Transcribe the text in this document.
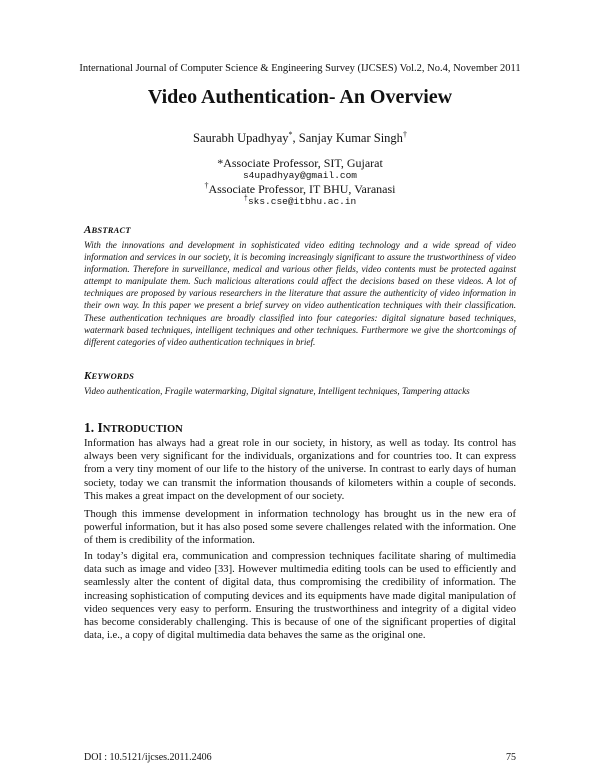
International Journal of Computer Science & Engineering Survey (IJCSES) Vol.2, No.4, November 2011
Video Authentication- An Overview
Saurabh Upadhyay*, Sanjay Kumar Singh†
*Associate Professor, SIT, Gujarat
s4upadhyay@gmail.com
†Associate Professor, IT BHU, Varanasi
†sks.cse@itbhu.ac.in
ABSTRACT

With the innovations and development in sophisticated video editing technology and a wide spread of video information and services in our society, it is becoming increasingly significant to assure the trustworthiness of video information. Therefore in surveillance, medical and various other fields, video contents must be protected against attempt to manipulate them. Such malicious alterations could affect the decisions based on these videos. A lot of techniques are proposed by various researchers in the literature that assure the authenticity of video information in their own way. In this paper we present a brief survey on video authentication techniques with their classification. These authentication techniques are broadly classified into four categories: digital signature based techniques, watermark based techniques, intelligent techniques and other techniques. Furthermore we give the shortcomings of different categories of video authentication techniques in brief.

KEYWORDS

Video authentication, Fragile watermarking, Digital signature, Intelligent techniques, Tampering attacks

1. INTRODUCTION

Information has always had a great role in our society, in history, as well as today. Its control has always been very significant for the individuals, organizations and for countries too. It can express from a very tiny moment of our life to the history of the universe. In contrast to early days of human society, today we can transmit the information thousands of kilometers within a couple of seconds. This makes a great impact on the development of our society.

Though this immense development in information technology has brought us in the new era of powerful information, but it has also posed some severe challenges related with the information. One of them is credibility of the information.

In today’s digital era, communication and compression techniques facilitate sharing of multimedia data such as image and video [33]. However multimedia editing tools can be used to efficiently and seamlessly alter the content of digital data, thus compromising the credibility of information. The increasing sophistication of computing devices and its equipments have made digital manipulation of video sequences very easy to perform. Ensuring the trustworthiness and integrity of a digital video has become considerably challenging. This is because of one of the significant properties of digital data, i.e., a copy of digital multimedia data behaves the same as the original one.

DOI : 10.5121/ijcses.2011.2406	75
